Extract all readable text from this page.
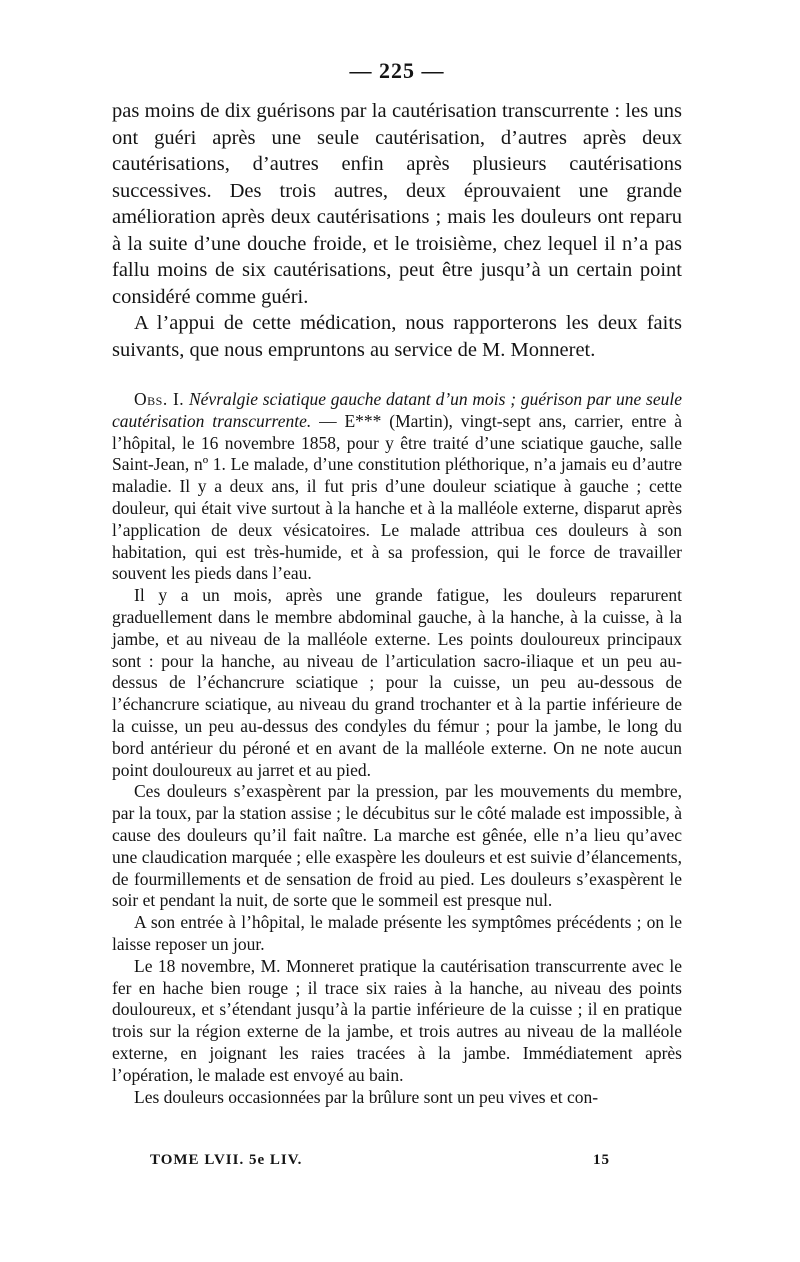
— 225 —

pas moins de dix guérisons par la cautérisation transcurrente : les uns ont guéri après une seule cautérisation, d’autres après deux cautérisations, d’autres enfin après plusieurs cautérisations successives. Des trois autres, deux éprouvaient une grande amélioration après deux cautérisations ; mais les douleurs ont reparu à la suite d’une douche froide, et le troisième, chez lequel il n’a pas fallu moins de six cautérisations, peut être jusqu’à un certain point considéré comme guéri.

A l’appui de cette médication, nous rapporterons les deux faits suivants, que nous empruntons au service de M. Monneret.

Obs. I. Névralgie sciatique gauche datant d’un mois ; guérison par une seule cautérisation transcurrente. — E*** (Martin), vingt-sept ans, carrier, entre à l’hôpital, le 16 novembre 1858, pour y être traité d’une sciatique gauche, salle Saint-Jean, nº 1. Le malade, d’une constitution pléthorique, n’a jamais eu d’autre maladie. Il y a deux ans, il fut pris d’une douleur sciatique à gauche ; cette douleur, qui était vive surtout à la hanche et à la malléole externe, disparut après l’application de deux vésicatoires. Le malade attribua ces douleurs à son habitation, qui est très-humide, et à sa profession, qui le force de travailler souvent les pieds dans l’eau.

Il y a un mois, après une grande fatigue, les douleurs reparurent graduellement dans le membre abdominal gauche, à la hanche, à la cuisse, à la jambe, et au niveau de la malléole externe. Les points douloureux principaux sont : pour la hanche, au niveau de l’articulation sacro-iliaque et un peu au-dessus de l’échancrure sciatique ; pour la cuisse, un peu au-dessous de l’échancrure sciatique, au niveau du grand trochanter et à la partie inférieure de la cuisse, un peu au-dessus des condyles du fémur ; pour la jambe, le long du bord antérieur du péroné et en avant de la malléole externe. On ne note aucun point douloureux au jarret et au pied.

Ces douleurs s’exaspèrent par la pression, par les mouvements du membre, par la toux, par la station assise ; le décubitus sur le côté malade est impossible, à cause des douleurs qu’il fait naître. La marche est gênée, elle n’a lieu qu’avec une claudication marquée ; elle exaspère les douleurs et est suivie d’élancements, de fourmillements et de sensation de froid au pied. Les douleurs s’exaspèrent le soir et pendant la nuit, de sorte que le sommeil est presque nul.

A son entrée à l’hôpital, le malade présente les symptômes précédents ; on le laisse reposer un jour.

Le 18 novembre, M. Monneret pratique la cautérisation transcurrente avec le fer en hache bien rouge ; il trace six raies à la hanche, au niveau des points douloureux, et s’étendant jusqu’à la partie inférieure de la cuisse ; il en pratique trois sur la région externe de la jambe, et trois autres au niveau de la malléole externe, en joignant les raies tracées à la jambe. Immédiatement après l’opération, le malade est envoyé au bain.

Les douleurs occasionnées par la brûlure sont un peu vives et con-

TOME LVII. 5e LIV.	15
